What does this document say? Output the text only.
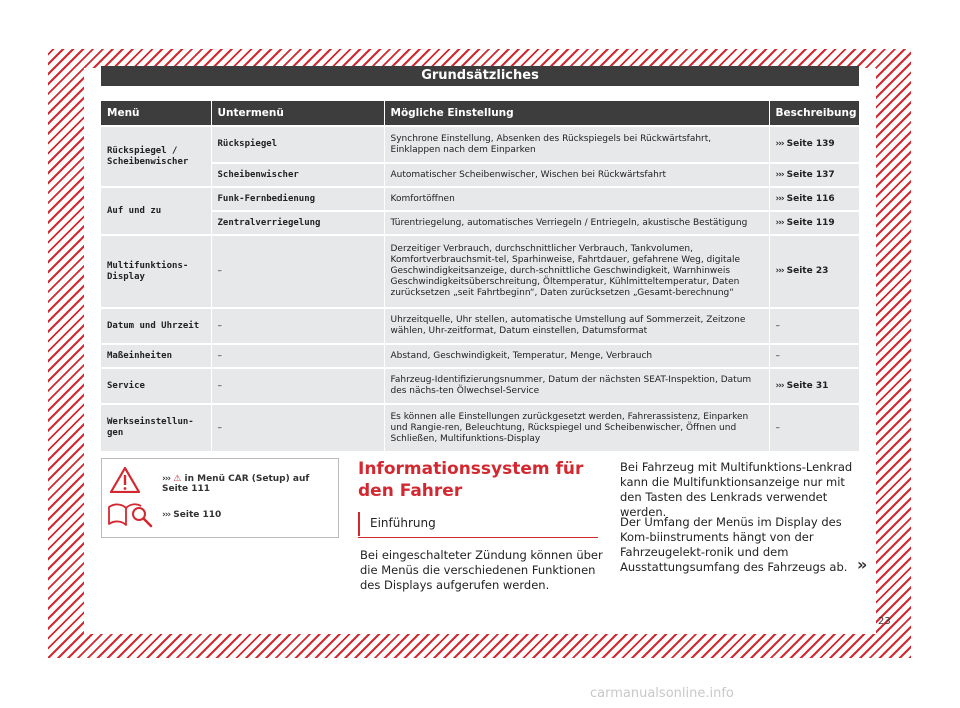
Grundsätzliches
Menü	Untermenü	Mögliche Einstellung	Beschreibung
Rückspiegel / Scheibenwischer	Rückspiegel	Synchrone Einstellung, Absenken des Rückspiegels bei Rückwärtsfahrt, Einklappen nach dem Einparken	››› Seite 139
	Scheibenwischer	Automatischer Scheibenwischer, Wischen bei Rückwärtsfahrt	››› Seite 137
Auf und zu	Funk-Fernbedienung	Komfortöffnen	››› Seite 116
	Zentralverriegelung	Türentriegelung, automatisches Verriegeln / Entriegeln, akustische Bestätigung	››› Seite 119
Multifunktions-Display	–	Derzeitiger Verbrauch, durchschnittlicher Verbrauch, Tankvolumen, Komfortverbrauchsmit-tel, Sparhinweise, Fahrtdauer, gefahrene Weg, digitale Geschwindigkeitsanzeige, durch-schnittliche Geschwindigkeit, Warnhinweis Geschwindigkeitsüberschreitung, Öltemperatur, Kühlmitteltemperatur, Daten zurücksetzen „seit Fahrtbeginn“, Daten zurücksetzen „Gesamt-berechnung“	››› Seite 23
Datum und Uhrzeit	–	Uhrzeitquelle, Uhr stellen, automatische Umstellung auf Sommerzeit, Zeitzone wählen, Uhr-zeitformat, Datum einstellen, Datumsformat	–
Maßeinheiten	–	Abstand, Geschwindigkeit, Temperatur, Menge, Verbrauch	–
Service	–	Fahrzeug-Identifizierungsnummer, Datum der nächsten SEAT-Inspektion, Datum des nächs-ten Ölwechsel-Service	››› Seite 31
Werkseinstellun-gen	–	Es können alle Einstellungen zurückgesetzt werden, Fahrerassistenz, Einparken und Rangie-ren, Beleuchtung, Rückspiegel und Scheibenwischer, Öffnen und Schließen, Multifunktions-Display	–
››› ⚠ in Menü CAR (Setup) auf Seite 111
››› Seite 110
Informationssystem für den Fahrer
Einführung
Bei eingeschalteter Zündung können über die Menüs die verschiedenen Funktionen des Displays aufgerufen werden.
Bei Fahrzeug mit Multifunktions-Lenkrad kann die Multifunktionsanzeige nur mit den Tasten des Lenkrads verwendet werden.
Der Umfang der Menüs im Display des Kom-biinstruments hängt von der Fahrzeugelekt-ronik und dem Ausstattungsumfang des Fahrzeugs ab. »
23
carmanualsonline.info
